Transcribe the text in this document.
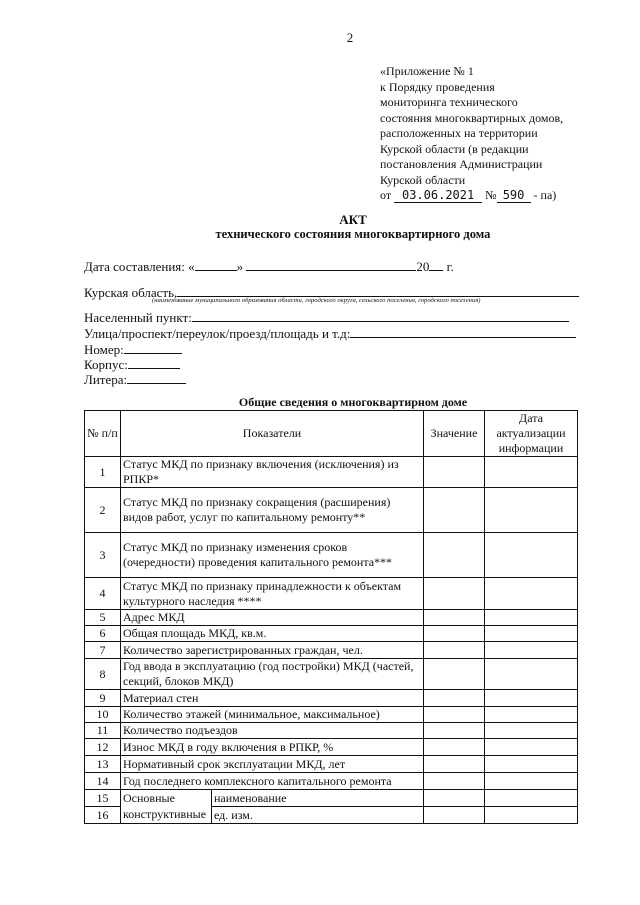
2
«Приложение № 1
к Порядку проведения
мониторинга технического
состояния многоквартирных домов,
расположенных на территории
Курской области (в редакции
постановления Администрации
Курской области
от 03.06.2021 № 590 - па)
АКТ
технического состояния многоквартирного дома
Дата составления: «	»	20 г.
Курская область,
(наименование муниципального образования области, городского округа, сельского поселения, городского поселения)
Населенный пункт:
Улица/проспект/переулок/проезд/площадь и т.д:
Номер:
Корпус:
Литера:
Общие сведения о многоквартирном доме
№ п/п	Показатели		Значение	Дата актуализации информации
1	Статус МКД по признаку включения (исключения) из РПКР*			
2	Статус МКД по признаку сокращения (расширения) видов работ, услуг по капитальному ремонту**			
3	Статус МКД по признаку изменения сроков (очередности) проведения капитального ремонта***			
4	Статус МКД по признаку принадлежности к объектам культурного наследия ****			
5	Адрес МКД			
6	Общая площадь МКД, кв.м.			
7	Количество зарегистрированных граждан, чел.			
8	Год ввода в эксплуатацию (год постройки) МКД (частей, секций, блоков МКД)			
9	Материал стен			
10	Количество этажей (минимальное, максимальное)			
11	Количество подъездов			
12	Износ МКД в году включения в РПКР, %			
13	Нормативный срок эксплуатации МКД, лет			
14	Год последнего комплексного капитального ремонта			
15	Основные	наименование		
16	конструктивные	ед. изм.		
